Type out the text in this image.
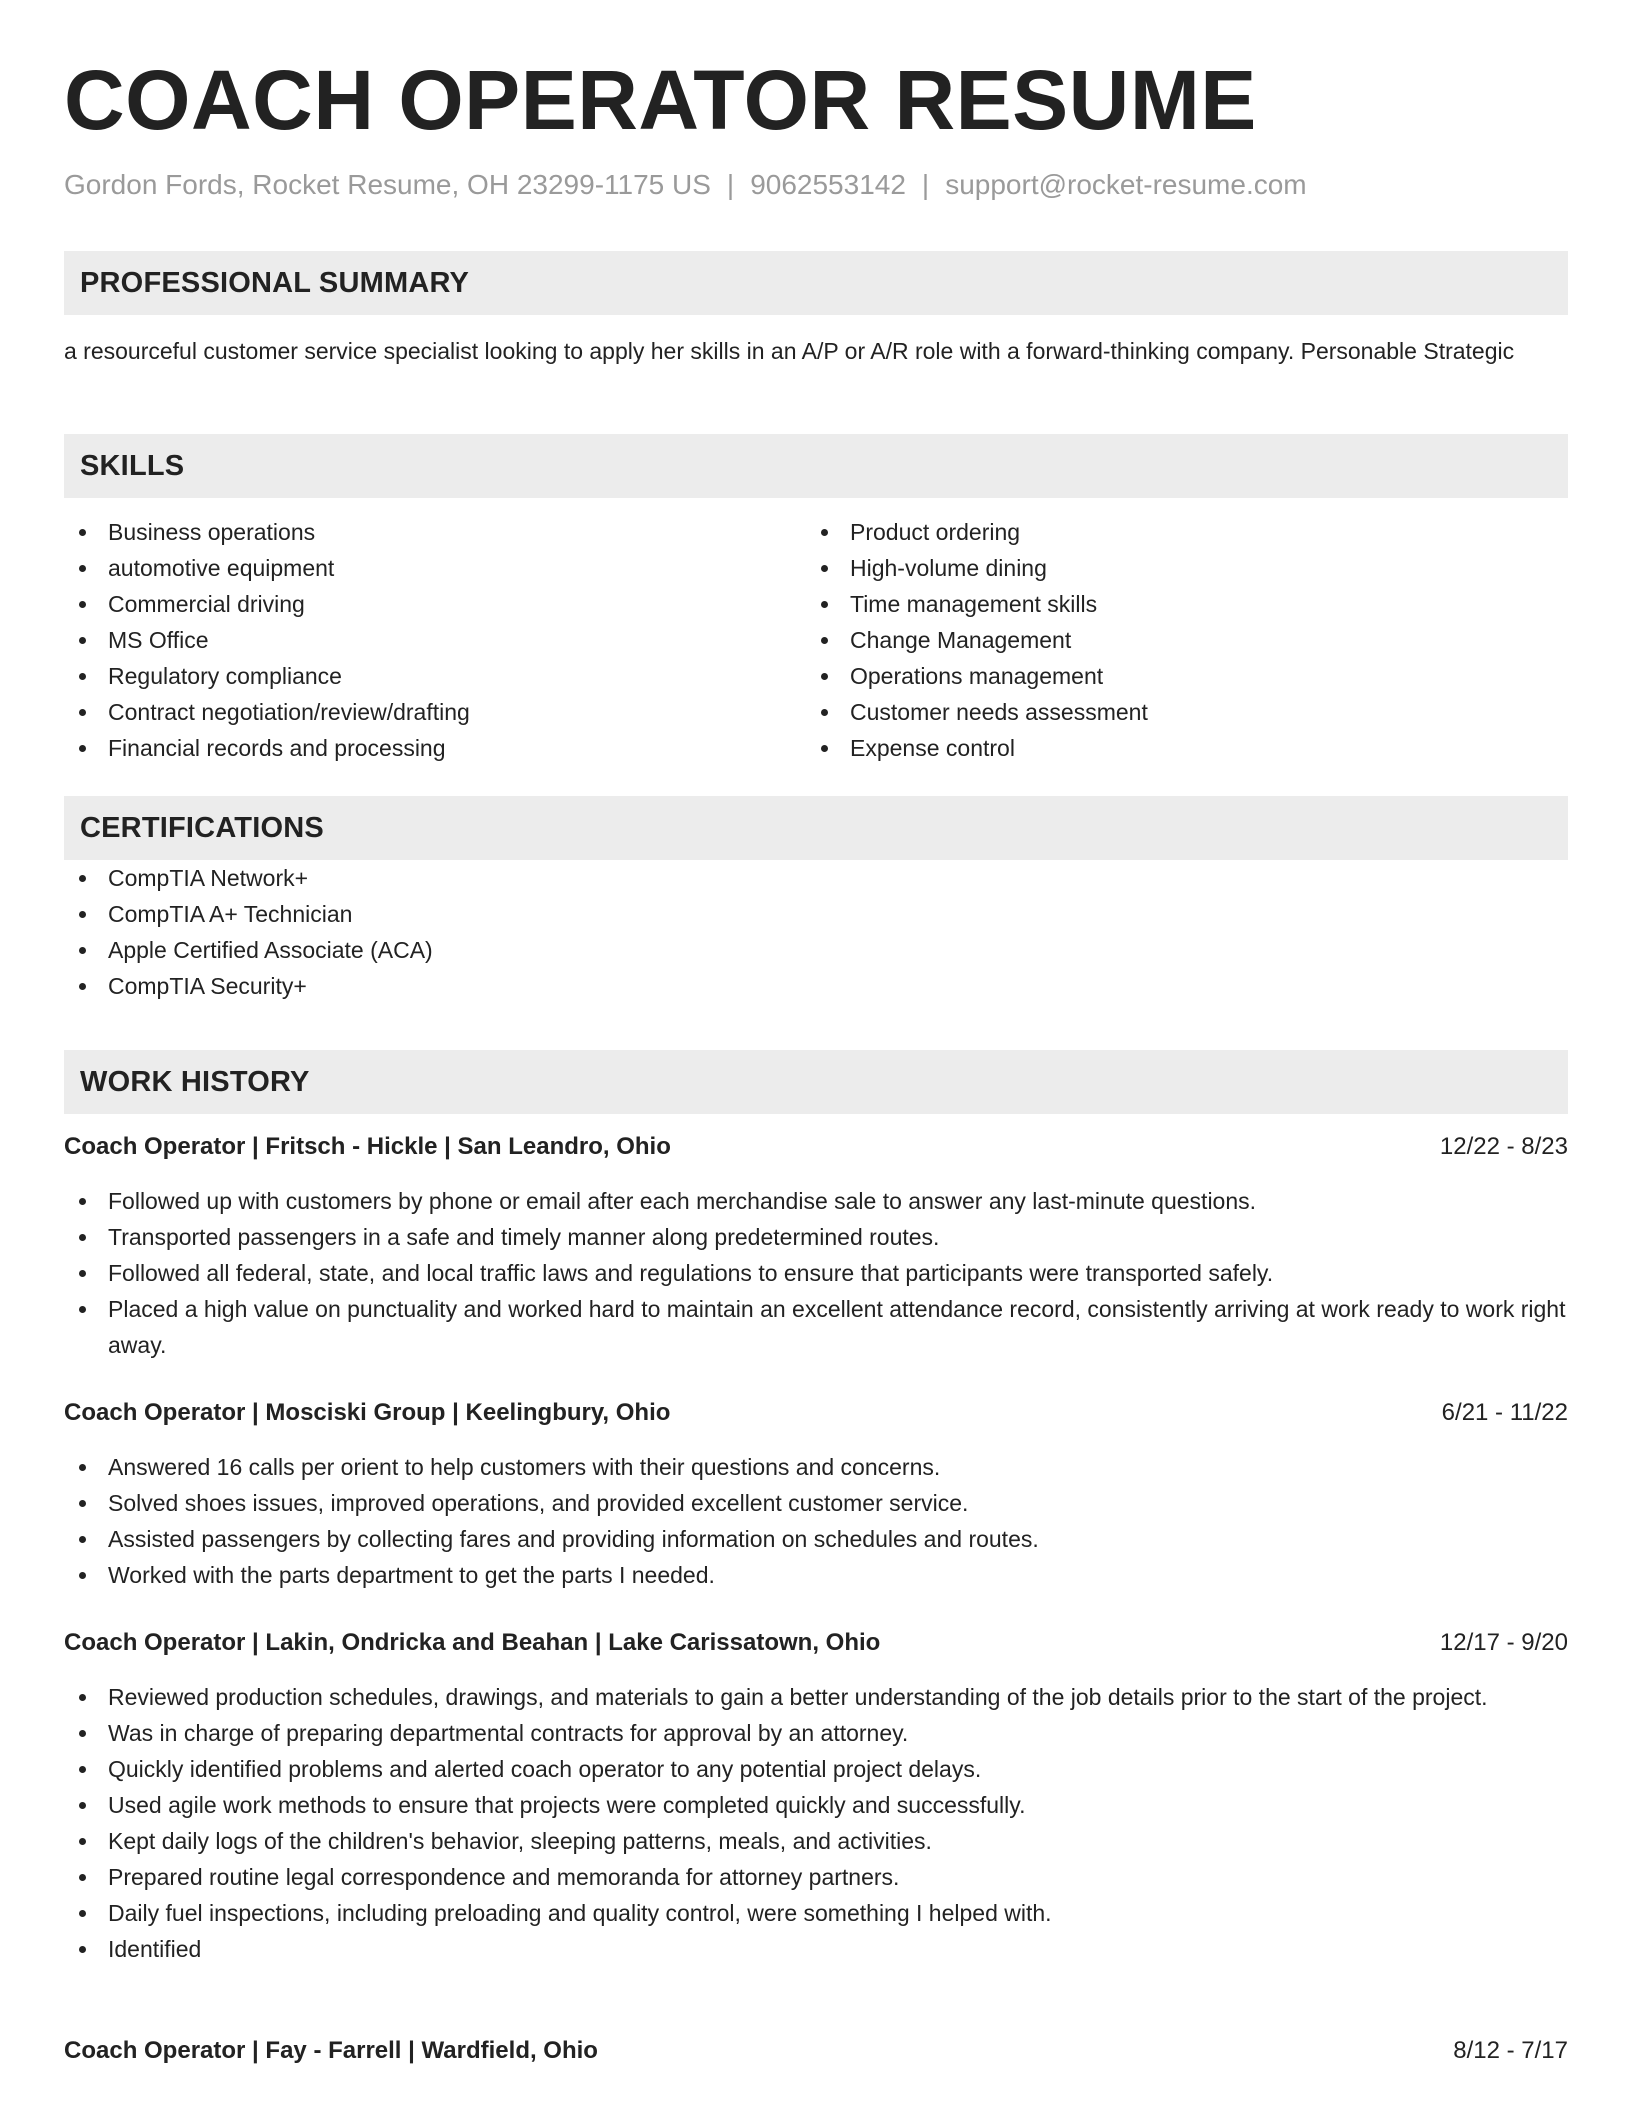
COACH OPERATOR RESUME
Gordon Fords, Rocket Resume, OH 23299-1175 US | 9062553142 | support@rocket-resume.com
PROFESSIONAL SUMMARY

a resourceful customer service specialist looking to apply her skills in an A/P or A/R role with a forward-thinking company. Personable Strategic

SKILLS
Business operations
automotive equipment
Commercial driving
MS Office
Regulatory compliance
Contract negotiation/review/drafting
Financial records and processing
Product ordering
High-volume dining
Time management skills
Change Management
Operations management
Customer needs assessment
Expense control
CERTIFICATIONS
CompTIA Network+
CompTIA A+ Technician
Apple Certified Associate (ACA)
CompTIA Security+
WORK HISTORY
Coach Operator | Fritsch - Hickle | San Leandro, Ohio	12/22 - 8/23
Followed up with customers by phone or email after each merchandise sale to answer any last-minute questions.
Transported passengers in a safe and timely manner along predetermined routes.
Followed all federal, state, and local traffic laws and regulations to ensure that participants were transported safely.
Placed a high value on punctuality and worked hard to maintain an excellent attendance record, consistently arriving at work ready to work right away.
Coach Operator | Mosciski Group | Keelingbury, Ohio	6/21 - 11/22
Answered 16 calls per orient to help customers with their questions and concerns.
Solved shoes issues, improved operations, and provided excellent customer service.
Assisted passengers by collecting fares and providing information on schedules and routes.
Worked with the parts department to get the parts I needed.
Coach Operator | Lakin, Ondricka and Beahan | Lake Carissatown, Ohio	12/17 - 9/20
Reviewed production schedules, drawings, and materials to gain a better understanding of the job details prior to the start of the project.
Was in charge of preparing departmental contracts for approval by an attorney.
Quickly identified problems and alerted coach operator to any potential project delays.
Used agile work methods to ensure that projects were completed quickly and successfully.
Kept daily logs of the children's behavior, sleeping patterns, meals, and activities.
Prepared routine legal correspondence and memoranda for attorney partners.
Daily fuel inspections, including preloading and quality control, were something I helped with.
Identified
Coach Operator | Fay - Farrell | Wardfield, Ohio	8/12 - 7/17
